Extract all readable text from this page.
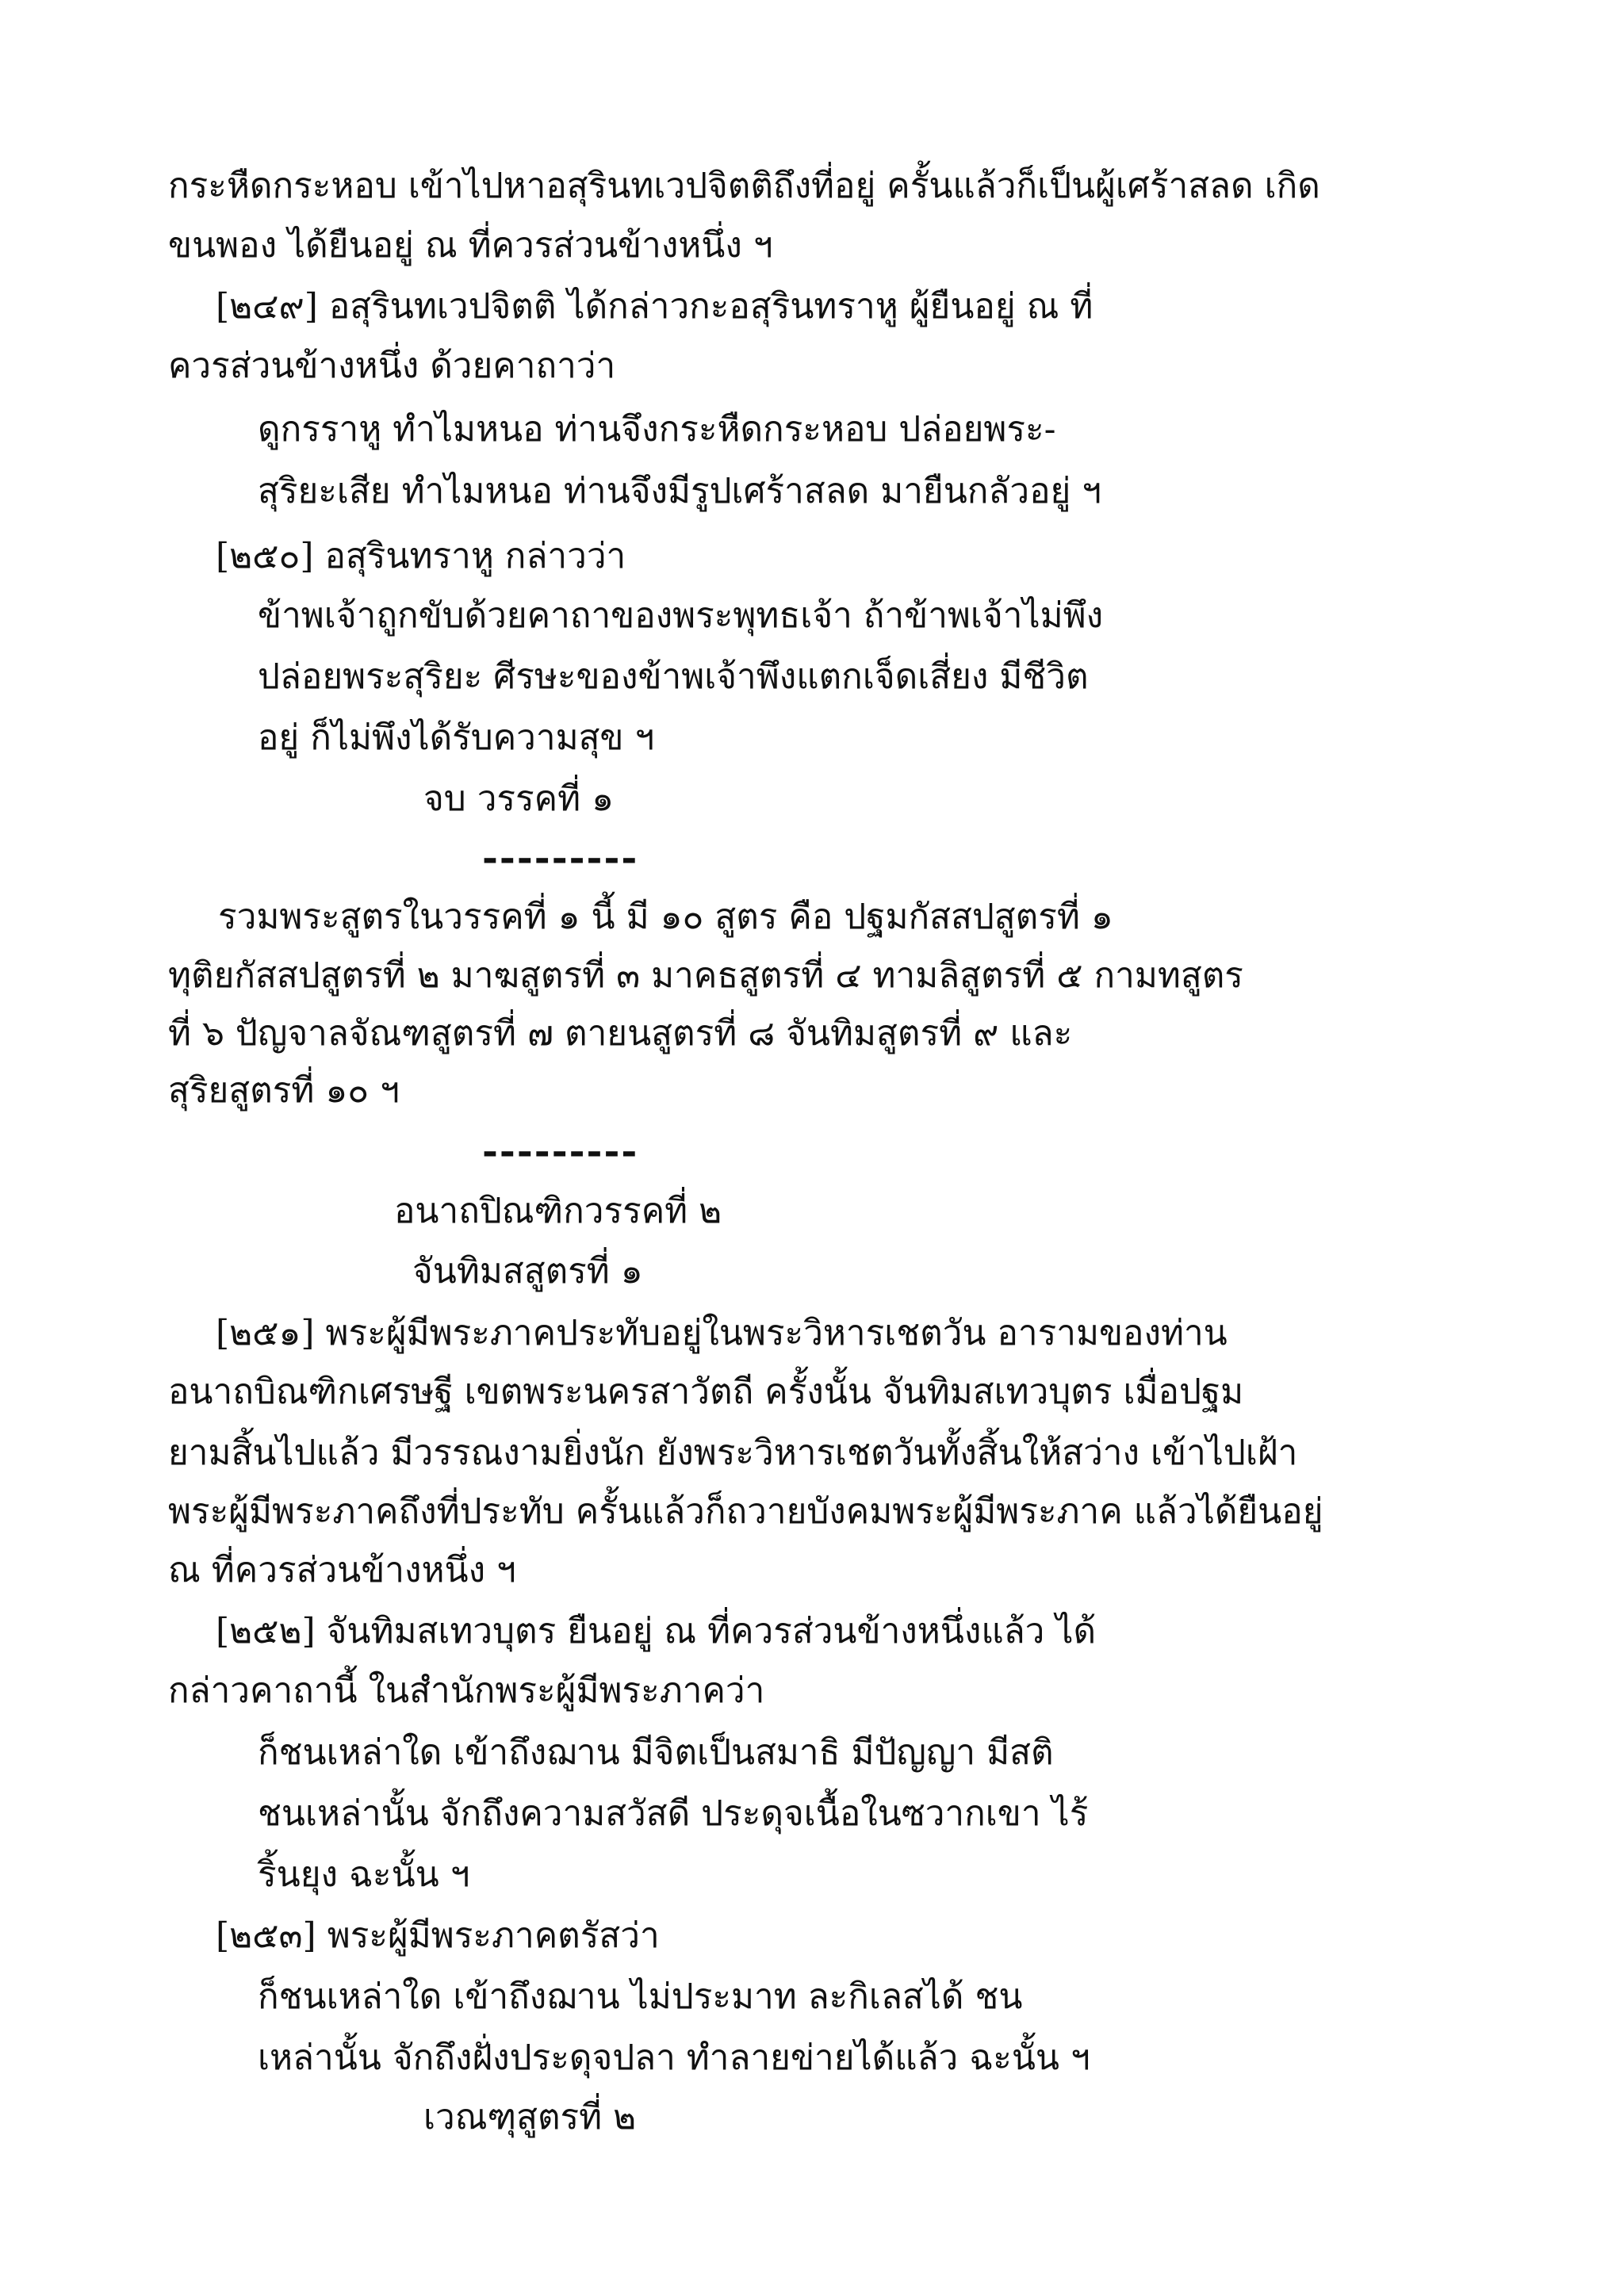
กระหืดกระหอบ เข้าไปหาอสุรินทเวปจิตติถึงที่อยู่ ครั้นแล้วก็เป็นผู้เศร้าสลด เกิด
ขนพอง ได้ยืนอยู่ ณ ที่ควรส่วนข้างหนึ่ง ฯ
[๒๔๙] อสุรินทเวปจิตติ ได้กล่าวกะอสุรินทราหู ผู้ยืนอยู่ ณ ที่
ควรส่วนข้างหนึ่ง ด้วยคาถาว่า
ดูกรราหู ทำไมหนอ ท่านจึงกระหืดกระหอบ ปล่อยพระ-
สุริยะเสีย ทำไมหนอ ท่านจึงมีรูปเศร้าสลด มายืนกลัวอยู่ ฯ
[๒๕๐] อสุรินทราหู กล่าวว่า
ข้าพเจ้าถูกขับด้วยคาถาของพระพุทธเจ้า ถ้าข้าพเจ้าไม่พึง
ปล่อยพระสุริยะ ศีรษะของข้าพเจ้าพึงแตกเจ็ดเสี่ยง มีชีวิต
อยู่ ก็ไม่พึงได้รับความสุข ฯ
จบ วรรคที่ ๑
---------
รวมพระสูตรในวรรคที่ ๑ นี้ มี ๑๐ สูตร คือ ปฐมกัสสปสูตรที่ ๑
ทุติยกัสสปสูตรที่ ๒ มาฆสูตรที่ ๓ มาคธสูตรที่ ๔ ทามลิสูตรที่ ๕ กามทสูตร
ที่ ๖ ปัญจาลจัณฑสูตรที่ ๗ ตายนสูตรที่ ๘ จันทิมสูตรที่ ๙ และ
สุริยสูตรที่ ๑๐ ฯ
---------
อนาถปิณฑิกวรรคที่ ๒
จันทิมสสูตรที่ ๑
[๒๕๑] พระผู้มีพระภาคประทับอยู่ในพระวิหารเชตวัน อารามของท่าน
อนาถบิณฑิกเศรษฐี เขตพระนครสาวัตถี ครั้งนั้น จันทิมสเทวบุตร เมื่อปฐม
ยามสิ้นไปแล้ว มีวรรณงามยิ่งนัก ยังพระวิหารเชตวันทั้งสิ้นให้สว่าง เข้าไปเฝ้า
พระผู้มีพระภาคถึงที่ประทับ ครั้นแล้วก็ถวายบังคมพระผู้มีพระภาค แล้วได้ยืนอยู่
ณ ที่ควรส่วนข้างหนึ่ง ฯ
[๒๕๒] จันทิมสเทวบุตร ยืนอยู่ ณ ที่ควรส่วนข้างหนึ่งแล้ว ได้
กล่าวคาถานี้ ในสำนักพระผู้มีพระภาคว่า
ก็ชนเหล่าใด เข้าถึงฌาน มีจิตเป็นสมาธิ มีปัญญา มีสติ
ชนเหล่านั้น จักถึงความสวัสดี ประดุจเนื้อในซวากเขา ไร้
ริ้นยุง ฉะนั้น ฯ
[๒๕๓] พระผู้มีพระภาคตรัสว่า
ก็ชนเหล่าใด เข้าถึงฌาน ไม่ประมาท ละกิเลสได้ ชน
เหล่านั้น จักถึงฝั่งประดุจปลา ทำลายข่ายได้แล้ว ฉะนั้น ฯ
เวณฑุสูตรที่ ๒
